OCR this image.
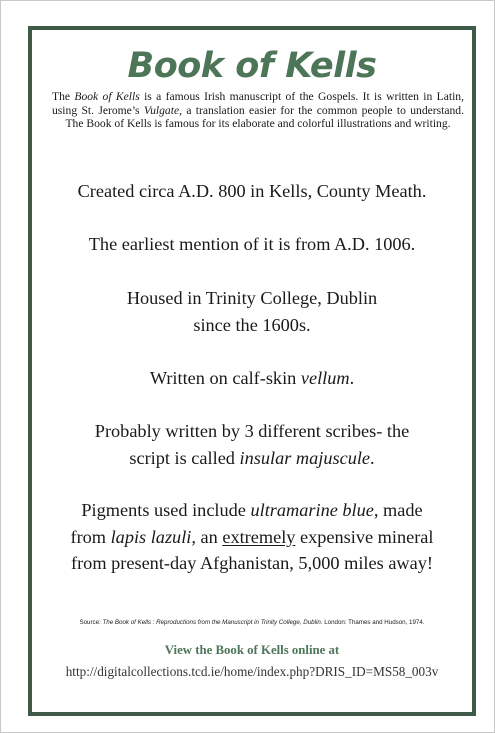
Book of Kells
The Book of Kells is a famous Irish manuscript of the Gospels. It is written in Latin, using St. Jerome’s Vulgate, a translation easier for the common people to understand. The Book of Kells is famous for its elaborate and colorful illustrations and writing.
Created circa A.D. 800 in Kells, County Meath.
The earliest mention of it is from A.D. 1006.
Housed in Trinity College, Dublin
since the 1600s.
Written on calf-skin vellum.
Probably written by 3 different scribes- the
script is called insular majuscule.
Pigments used include ultramarine blue, made
from lapis lazuli, an extremely expensive mineral
from present-day Afghanistan, 5,000 miles away!
Source: The Book of Kells : Reproductions from the Manuscript in Trinity College, Dublin. London: Thames and Hudson, 1974.
View the Book of Kells online at
http://digitalcollections.tcd.ie/home/index.php?DRIS_ID=MS58_003v
